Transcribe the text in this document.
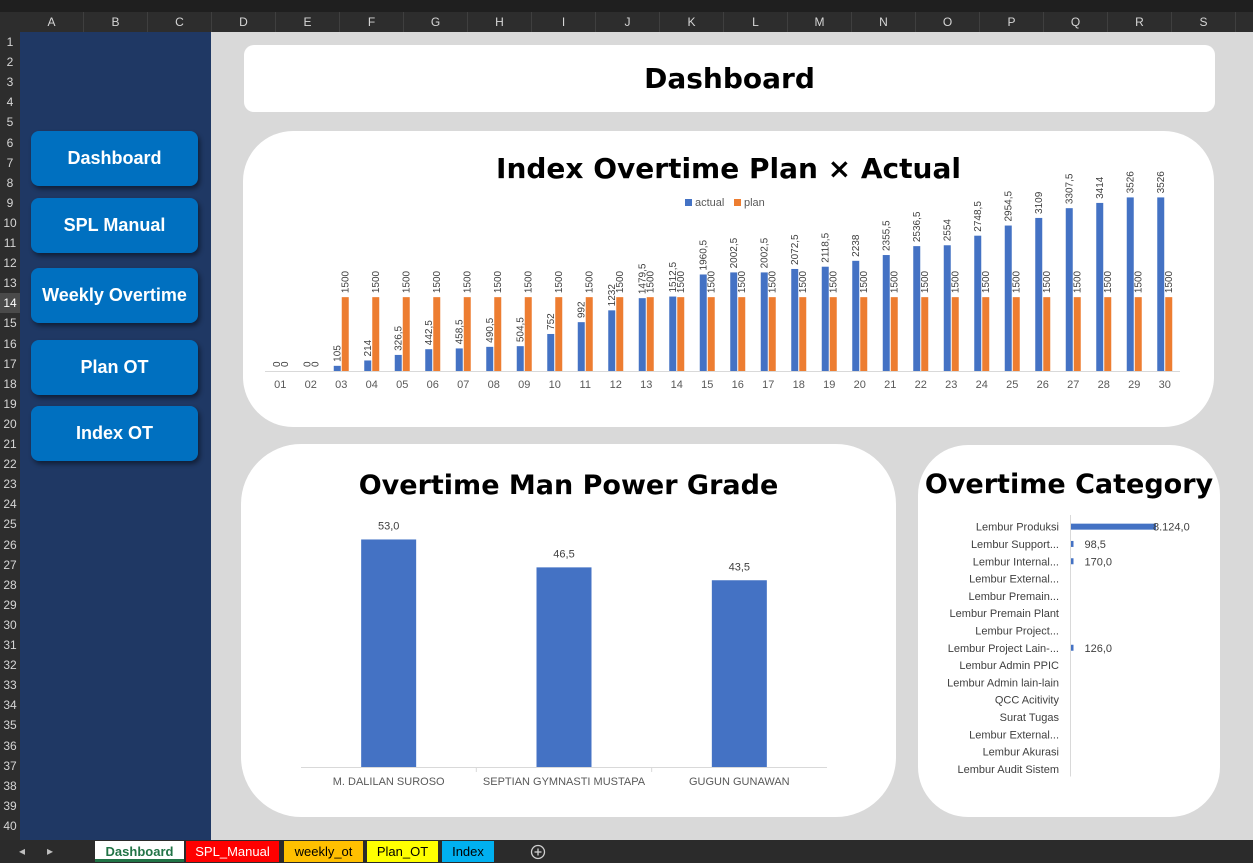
A	B	C	D	E	F	G	H	I	J	K	L	M	N	O	P	Q	R	S
1
2
3
4
5
6
7
8
9
10
11
12
13
14
15
16
17
18
19
20
21
22
23
24
25
26
27
28
29
30
31
32
33
34
35
36
37
38
39
40
Dashboard
SPL Manual
Weekly Overtime
Plan OT
Index OT
Dashboard
Index Overtime Plan × Actual
actual plan
0
0
01
0
0
02
105
1500
03
214
1500
04
326,5
1500
05
442,5
1500
06
458,5
1500
07
490,5
1500
08
504,5
1500
09
752
1500
10
992
1500
11
1232
1500
12
1479,5
1500
13
1512,5
1500
14
1960,5
1500
15
2002,5
1500
16
2002,5
1500
17
2072,5
1500
18
2118,5
1500
19
2238
1500
20
2355,5
1500
21
2536,5
1500
22
2554
1500
23
2748,5
1500
24
2954,5
1500
25
3109
1500
26
3307,5
1500
27
3414
1500
28
3526
1500
29
3526
1500
30
Overtime Man Power Grade
53,0
M. DALILAN SUROSO
46,5
SEPTIAN GYMNASTI MUSTAPA
43,5
GUGUN GUNAWAN
Overtime Category
Lembur Produksi	8.124,0
Lembur Support... 98,5
Lembur Internal... 170,0
Lembur External...
Lembur Premain...
Lembur Premain Plant
Lembur Project...
Lembur Project Lain-... 126,0
Lembur Admin PPIC
Lembur Admin lain-lain
QCC Acitivity
Surat Tugas
Lembur External...
Lembur Akurasi
Lembur Audit Sistem
◂ ▸	Dashboard	SPL_Manual	weekly_ot	Plan_OT	Index
